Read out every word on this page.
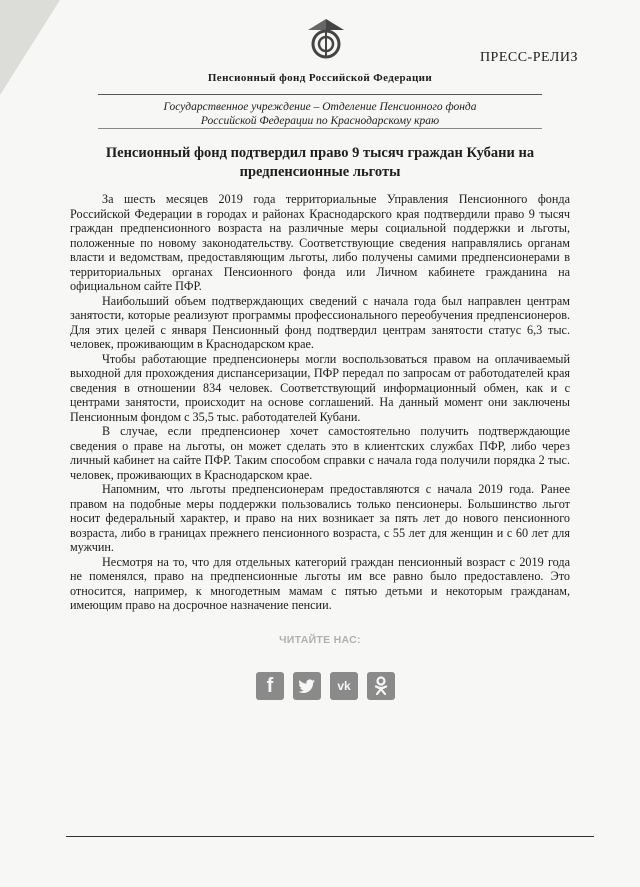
ПРЕСС-РЕЛИЗ
Пенсионный фонд Российской Федерации
Государственное учреждение – Отделение Пенсионного фонда
Российской Федерации по Краснодарскому краю
Пенсионный фонд подтвердил право 9 тысяч граждан Кубани на предпенсионные льготы

За шесть месяцев 2019 года территориальные Управления Пенсионного фонда Российской Федерации в городах и районах Краснодарского края подтвердили право 9 тысяч граждан предпенсионного возраста на различные меры социальной поддержки и льготы, положенные по новому законодательству. Соответствующие сведения направлялись органам власти и ведомствам, предоставляющим льготы, либо получены самими предпенсионерами в территориальных органах Пенсионного фонда или Личном кабинете гражданина на официальном сайте ПФР.

Наибольший объем подтверждающих сведений с начала года был направлен центрам занятости, которые реализуют программы профессионального переобучения предпенсионеров. Для этих целей с января Пенсионный фонд подтвердил центрам занятости статус 6,3 тыс. человек, проживающим в Краснодарском крае.

Чтобы работающие предпенсионеры могли воспользоваться правом на оплачиваемый выходной для прохождения диспансеризации, ПФР передал по запросам от работодателей края сведения в отношении 834 человек. Соответствующий информационный обмен, как и с центрами занятости, происходит на основе соглашений. На данный момент они заключены Пенсионным фондом с 35,5 тыс. работодателей Кубани.

В случае, если предпенсионер хочет самостоятельно получить подтверждающие сведения о праве на льготы, он может сделать это в клиентских службах ПФР, либо через личный кабинет на сайте ПФР. Таким способом справки с начала года получили порядка 2 тыс. человек, проживающих в Краснодарском крае.

Напомним, что льготы предпенсионерам предоставляются с начала 2019 года. Ранее правом на подобные меры поддержки пользовались только пенсионеры. Большинство льгот носит федеральный характер, и право на них возникает за пять лет до нового пенсионного возраста, либо в границах прежнего пенсионного возраста, с 55 лет для женщин и с 60 лет для мужчин.

Несмотря на то, что для отдельных категорий граждан пенсионный возраст с 2019 года не поменялся, право на предпенсионные льготы им все равно было предоставлено. Это относится, например, к многодетным мамам с пятью детьми и некоторым гражданам, имеющим право на досрочное назначение пенсии.

ЧИТАЙТЕ НАС:
f	vk
